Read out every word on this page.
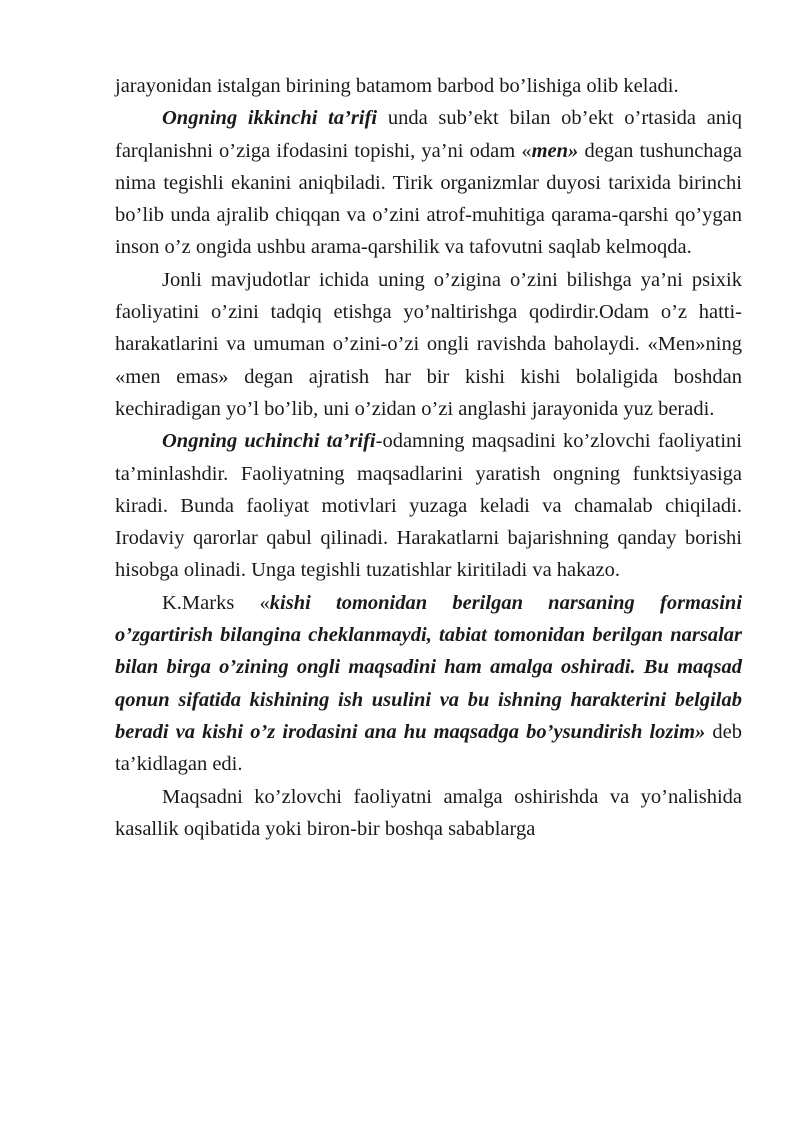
jarayonidan istalgan birining batamom barbod bo’lishiga olib keladi.

Ongning ikkinchi ta’rifi unda sub’ekt bilan ob’ekt o’rtasida aniq farqlanishni o’ziga ifodasini topishi, ya’ni odam «men» degan tushunchaga nima tegishli ekanini aniqbiladi. Tirik organizmlar duyosi tarixida birinchi bo’lib unda ajralib chiqqan va o’zini atrof-muhitiga qarama-qarshi qo’ygan inson o’z ongida ushbu arama-qarshilik va tafovutni saqlab kelmoqda.

Jonli mavjudotlar ichida uning o’zigina o’zini bilishga ya’ni psixik faoliyatini o’zini tadqiq etishga yo’naltirishga qodirdir.Odam o’z hatti-harakatlarini va umuman o’zini-o’zi ongli ravishda baholaydi. «Men»ning «men emas» degan ajratish har bir kishi kishi bolaligida boshdan kechiradigan yo’l bo’lib, uni o’zidan o’zi anglashi jarayonida yuz beradi.

Ongning uchinchi ta’rifi-odamning maqsadini ko’zlovchi faoliyatini ta’minlashdir. Faoliyatning maqsadlarini yaratish ongning funktsiyasiga kiradi. Bunda faoliyat motivlari yuzaga keladi va chamalab chiqiladi. Irodaviy qarorlar qabul qilinadi. Harakatlarni bajarishning qanday borishi hisobga olinadi. Unga tegishli tuzatishlar kiritiladi va hakazo.

K.Marks «kishi tomonidan berilgan narsaning formasini o’zgartirish bilangina cheklanmaydi, tabiat tomonidan berilgan narsalar bilan birga o’zining ongli maqsadini ham amalga oshiradi. Bu maqsad qonun sifatida kishining ish usulini va bu ishning harakterini belgilab beradi va kishi o’z irodasini ana hu maqsadga bo’ysundirish lozim» deb ta’kidlagan edi.

Maqsadni ko’zlovchi faoliyatni amalga oshirishda va yo’nalishida kasallik oqibatida yoki biron-bir boshqa sabablarga
